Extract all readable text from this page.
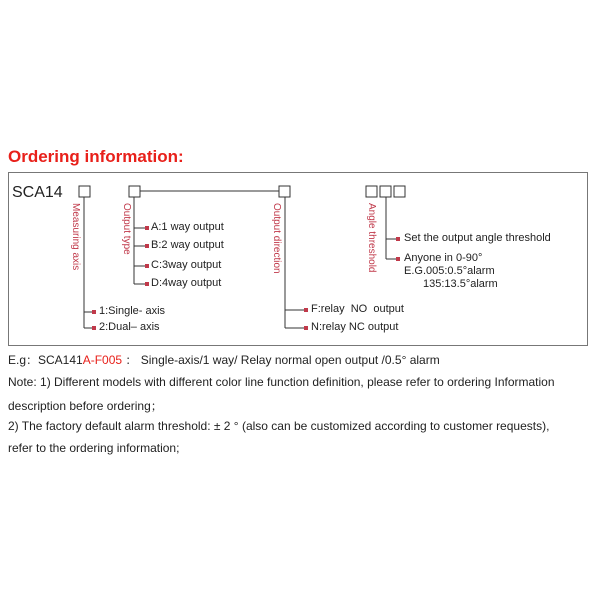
Ordering information:
SCA14
Measuring axis	Output type	Output direction	Angle threshold
1:Single- axis
2:Dual– axis
A:1 way output
B:2 way output
C:3way output
D:4way output
F:relay  NO  output
N:relay NC output
Set the output angle threshold
Anyone in 0-90°
E.G.005:0.5°alarm
135:13.5°alarm
E.g：SCA141A-F005 ： Single-axis/1 way/ Relay normal open output /0.5° alarm
Note: 1) Different models with different color line function definition, please refer to ordering Information
description before ordering；
2) The factory default alarm threshold: ± 2 ° (also can be customized according to customer requests),
refer to the ordering information;
